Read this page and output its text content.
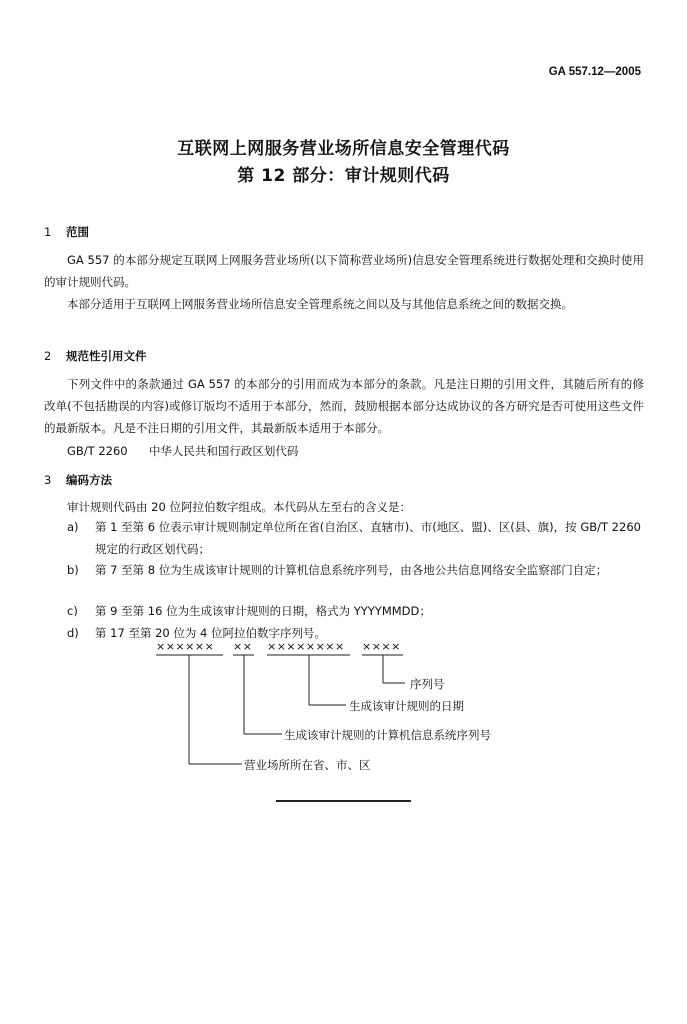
GA 557.12—2005
互联网上网服务营业场所信息安全管理代码
第 12 部分：审计规则代码
1 范围

GA 557 的本部分规定互联网上网服务营业场所(以下简称营业场所)信息安全管理系统进行数据处理和交换时使用的审计规则代码。

本部分适用于互联网上网服务营业场所信息安全管理系统之间以及与其他信息系统之间的数据交换。

2 规范性引用文件

下列文件中的条款通过 GA 557 的本部分的引用而成为本部分的条款。凡是注日期的引用文件，其随后所有的修改单(不包括勘误的内容)或修订版均不适用于本部分，然而，鼓励根据本部分达成协议的各方研究是否可使用这些文件的最新版本。凡是不注日期的引用文件，其最新版本适用于本部分。

GB/T 2260 中华人民共和国行政区划代码
3 编码方法
审计规则代码由 20 位阿拉伯数字组成。本代码从左至右的含义是：
a)	第 1 至第 6 位表示审计规则制定单位所在省(自治区、直辖市)、市(地区、盟)、区(县、旗)，按 GB/T 2260 规定的行政区划代码；
b)	第 7 至第 8 位为生成该审计规则的计算机信息系统序列号，由各地公共信息网络安全监察部门自定；
c)	第 9 至第 16 位为生成该审计规则的日期，格式为 YYYYMMDD；
d)	第 17 至第 20 位为 4 位阿拉伯数字序列号。
×××××× ×× ×××××××× ××××
序列号
生成该审计规则的日期
生成该审计规则的计算机信息系统序列号
营业场所所在省、市、区
